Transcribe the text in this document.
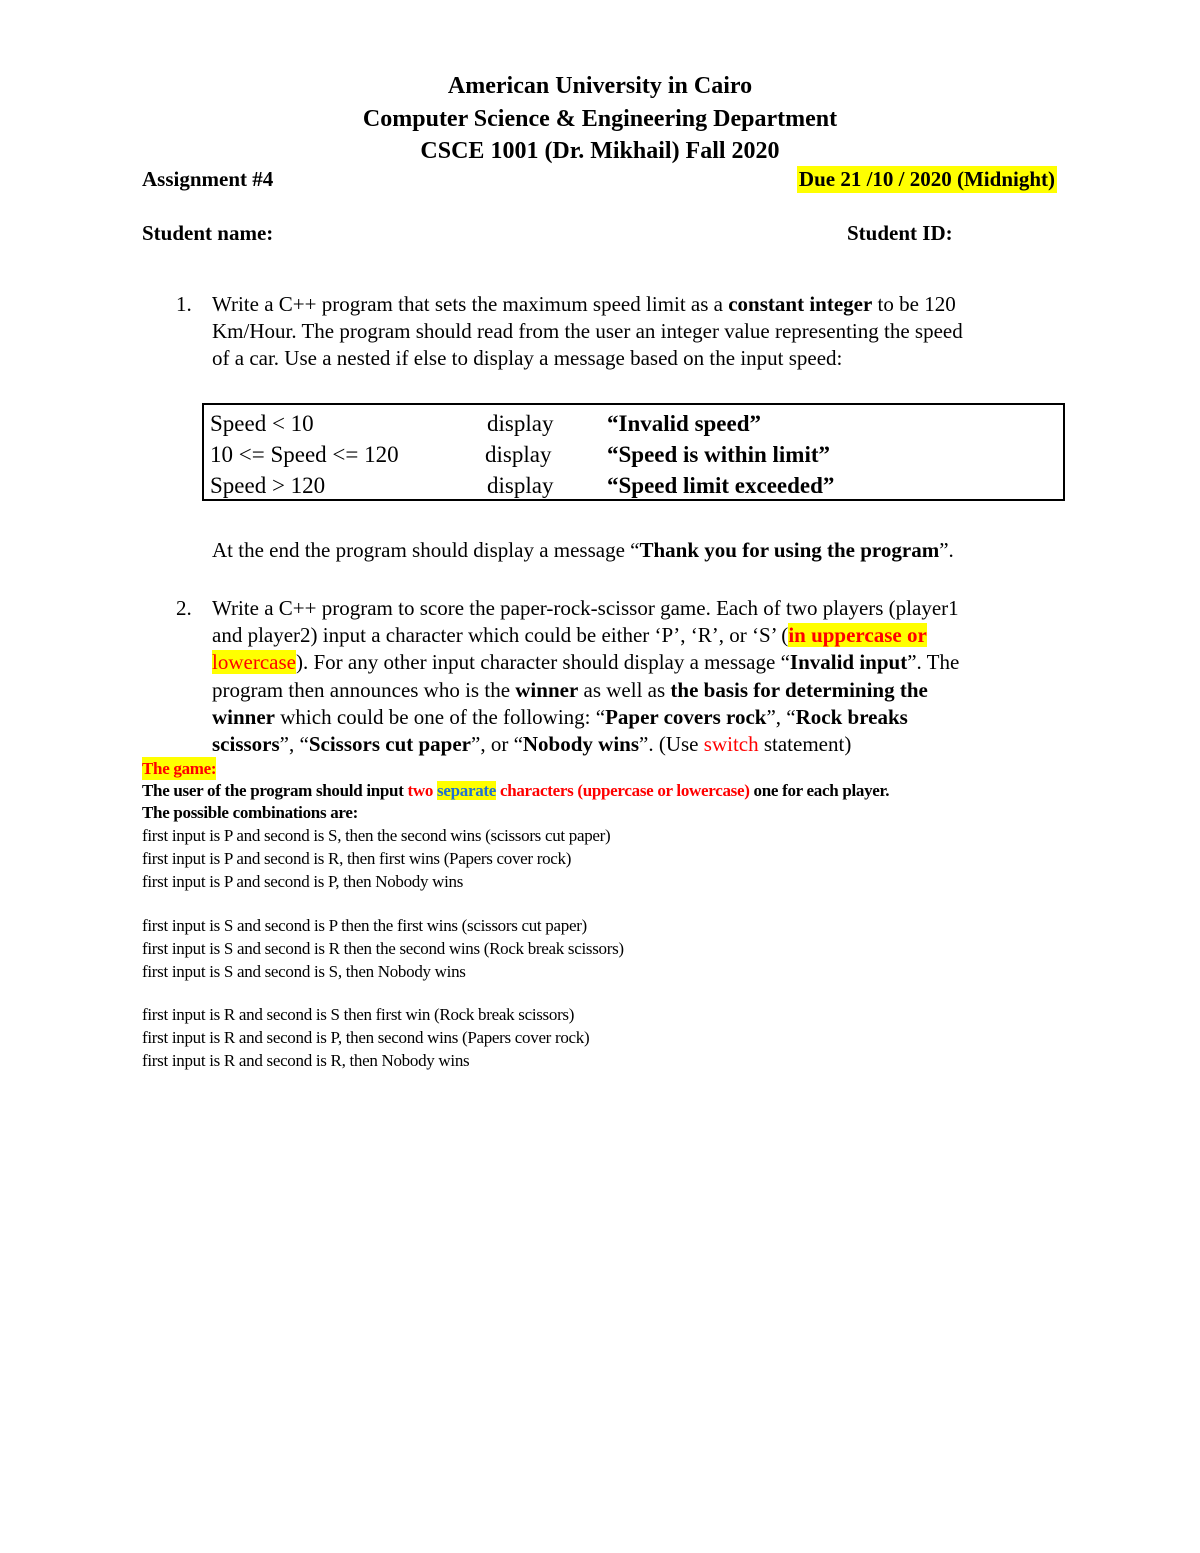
American University in Cairo
Computer Science & Engineering Department
CSCE 1001 (Dr. Mikhail) Fall 2020
Assignment #4	Due 21 /10 / 2020 (Midnight)
Student name:	Student ID:
1. Write a C++ program that sets the maximum speed limit as a constant integer to be 120
Km/Hour. The program should read from the user an integer value representing the speed
of a car. Use a nested if else to display a message based on the input speed:
Speed < 10	display “Invalid speed”
10 <= Speed <= 120	display “Speed is within limit”
Speed > 120	display “Speed limit exceeded”
At the end the program should display a message “Thank you for using the program”.
2. Write a C++ program to score the paper-rock-scissor game. Each of two players (player1
and player2) input a character which could be either ‘P’, ‘R’, or ‘S’ (in uppercase or
lowercase). For any other input character should display a message “Invalid input”. The
program then announces who is the winner as well as the basis for determining the
winner which could be one of the following: “Paper covers rock”, “Rock breaks
scissors”, “Scissors cut paper”, or “Nobody wins”. (Use switch statement)
The game:
The user of the program should input two separate characters (uppercase or lowercase) one for each player.
The possible combinations are:
first input is P and second is S, then the second wins (scissors cut paper)
first input is P and second is R, then first wins (Papers cover rock)
first input is P and second is P, then Nobody wins
first input is S and second is P then the first wins (scissors cut paper)
first input is S and second is R then the second wins (Rock break scissors)
first input is S and second is S, then Nobody wins
first input is R and second is S then first win (Rock break scissors)
first input is R and second is P, then second wins (Papers cover rock)
first input is R and second is R, then Nobody wins
